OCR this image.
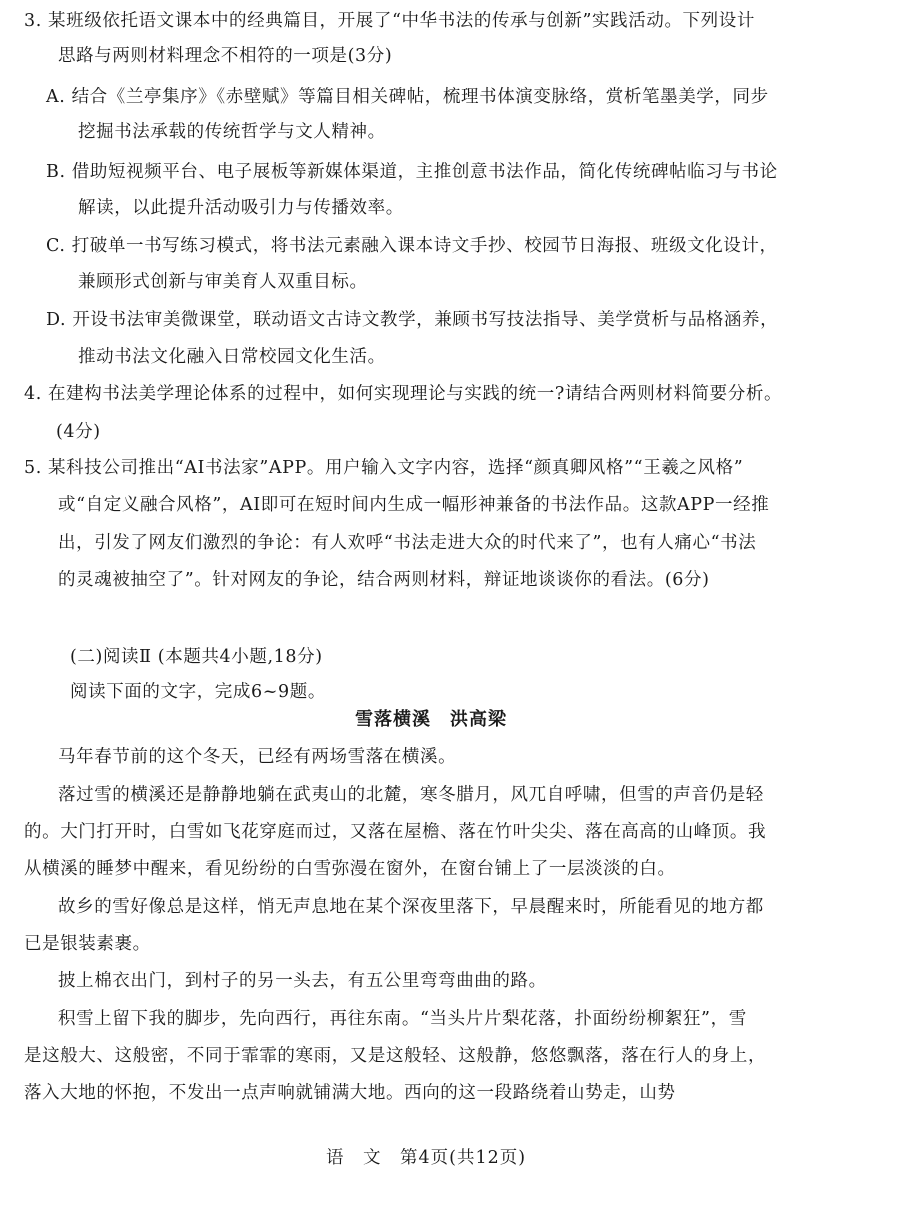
3. 某班级依托语文课本中的经典篇目，开展了“中华书法的传承与创新”实践活动。下列设计
思路与两则材料理念不相符的一项是(3分)
A. 结合《兰亭集序》《赤壁赋》等篇目相关碑帖，梳理书体演变脉络，赏析笔墨美学，同步
挖掘书法承载的传统哲学与文人精神。
B. 借助短视频平台、电子展板等新媒体渠道，主推创意书法作品，简化传统碑帖临习与书论
解读，以此提升活动吸引力与传播效率。
C. 打破单一书写练习模式，将书法元素融入课本诗文手抄、校园节日海报、班级文化设计，
兼顾形式创新与审美育人双重目标。
D. 开设书法审美微课堂，联动语文古诗文教学，兼顾书写技法指导、美学赏析与品格涵养，
推动书法文化融入日常校园文化生活。
4. 在建构书法美学理论体系的过程中，如何实现理论与实践的统一?请结合两则材料简要分析。
(4分)
5. 某科技公司推出“AI书法家”APP。用户输入文字内容，选择“颜真卿风格”“王羲之风格”
或“自定义融合风格”，AI即可在短时间内生成一幅形神兼备的书法作品。这款APP一经推
出，引发了网友们激烈的争论：有人欢呼“书法走进大众的时代来了”，也有人痛心“书法
的灵魂被抽空了”。针对网友的争论，结合两则材料，辩证地谈谈你的看法。(6分)
(二)阅读Ⅱ (本题共4小题,18分)
阅读下面的文字，完成6~9题。
雪落横溪　洪高梁
马年春节前的这个冬天，已经有两场雪落在横溪。
落过雪的横溪还是静静地躺在武夷山的北麓，寒冬腊月，风兀自呼啸，但雪的声音仍是轻
的。大门打开时，白雪如飞花穿庭而过，又落在屋檐、落在竹叶尖尖、落在高高的山峰顶。我
从横溪的睡梦中醒来，看见纷纷的白雪弥漫在窗外，在窗台铺上了一层淡淡的白。
故乡的雪好像总是这样，悄无声息地在某个深夜里落下，早晨醒来时，所能看见的地方都
已是银装素裹。
披上棉衣出门，到村子的另一头去，有五公里弯弯曲曲的路。
积雪上留下我的脚步，先向西行，再往东南。“当头片片梨花落，扑面纷纷柳絮狂”，雪
是这般大、这般密，不同于霏霏的寒雨，又是这般轻、这般静，悠悠飘落，落在行人的身上，
落入大地的怀抱，不发出一点声响就铺满大地。西向的这一段路绕着山势走，山势
语　文　第4页(共12页)
